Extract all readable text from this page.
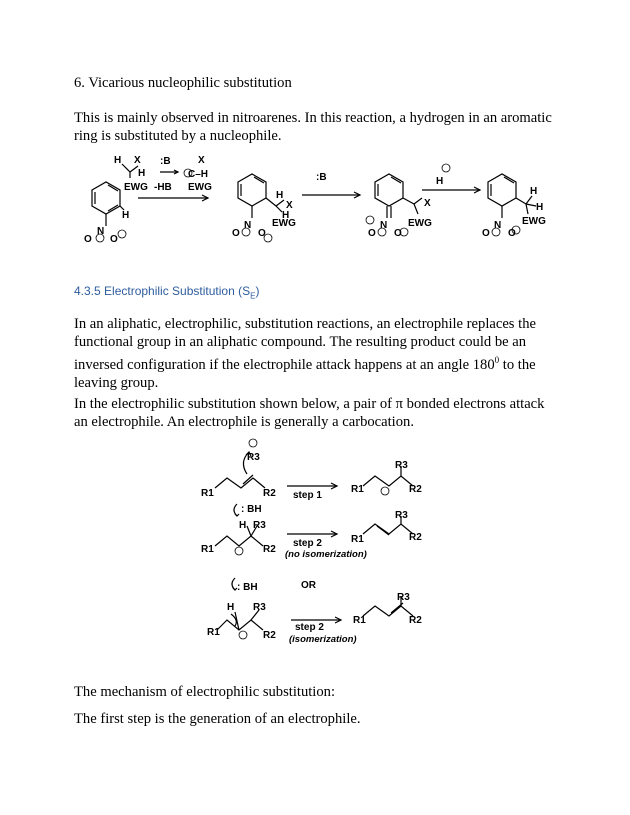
6. Vicarious nucleophilic substitution
This is mainly observed in nitroarenes. In this reaction, a hydrogen in an aromatic ring is substituted by a nucleophile.
H X
H
EWG
:B
-HB
X
C–H
EWG
H
N
O O
H
X
H
EWG
N
O O
:B
X
EWG
N
O O
H
H
H
EWG
N
O O
4.3.5 Electrophilic Substitution $(S_E)$
In an aliphatic, electrophilic, substitution reactions, an electrophile replaces the functional group in an aliphatic compound. The resulting product could be an inversed configuration if the electrophile attack happens at an angle $180^0$ to the leaving group.
In the electrophilic substitution shown below, a pair of π bonded electrons attack an electrophile. An electrophile is generally a carbocation.
R3
R1	R2 step 1
R3
R1	R2
: BH
H R3
R1	R2
step 2
(no isomerization)
R3
R1	R2
OR
: BH
H R3
R1	R2
step 2
(isomerization)
R3
R1	R2
The mechanism of electrophilic substitution:
The first step is the generation of an electrophile.
